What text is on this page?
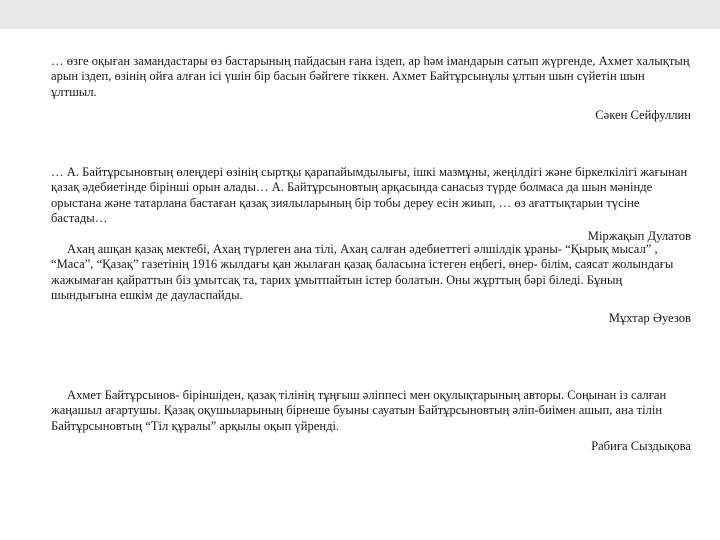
… өзге оқыған замандастары өз бастарының пайдасын ғана іздеп, ар һәм імандарын сатып жүргенде, Ахмет халықтың арын іздеп, өзінің ойға алған ісі үшін бір басын бәйгеге тіккен. Ахмет Байтұрсынұлы ұлтын шын сүйетін шын ұлтшыл.

Сәкен Сейфуллин

… А. Байтұрсыновтың өлеңдері өзінің сыртқы қарапайымдылығы, ішкі мазмұны, жеңілдігі және біркелкілігі жағынан қазақ әдебиетінде бірінші орын алады… А. Байтұрсыновтың арқасында санасыз түрде болмаса да шын мәнінде орыстана және татарлана бастаған қазақ зиялыларының бір тобы дереу есін жиып, … өз ағаттықтарын түсіне бастады…

Міржақып Дулатов

Ахаң ашқан қазақ мектебі, Ахаң түрлеген ана тілі, Ахаң салған әдебиеттегі әлшілдік ұраны- “Қырық мысал” , “Маса”, “Қазақ” газетінің 1916 жылдағы қан жылаған қазақ баласына істеген еңбегі, өнер- білім, саясат жолындағы жажымаған қайраттын біз ұмытсақ та, тарих ұмытпайтын істер болатын. Оны жұрттың бәрі біледі. Бұның шындығына ешкім де дауласпайды.

Мұхтар Әуезов

Ахмет Байтұрсынов- біріншіден, қазақ тілінің тұңғыш әліппесі мен оқулықтарының авторы. Соңынан із салған жаңашыл ағартушы. Қазақ оқушыларының бірнеше буыны сауатын Байтұрсыновтың әліп-биімен ашып, ана тілін Байтұрсыновтың “Тіл құралы” арқылы оқып үйренді.

Рабиға Сыздықова
